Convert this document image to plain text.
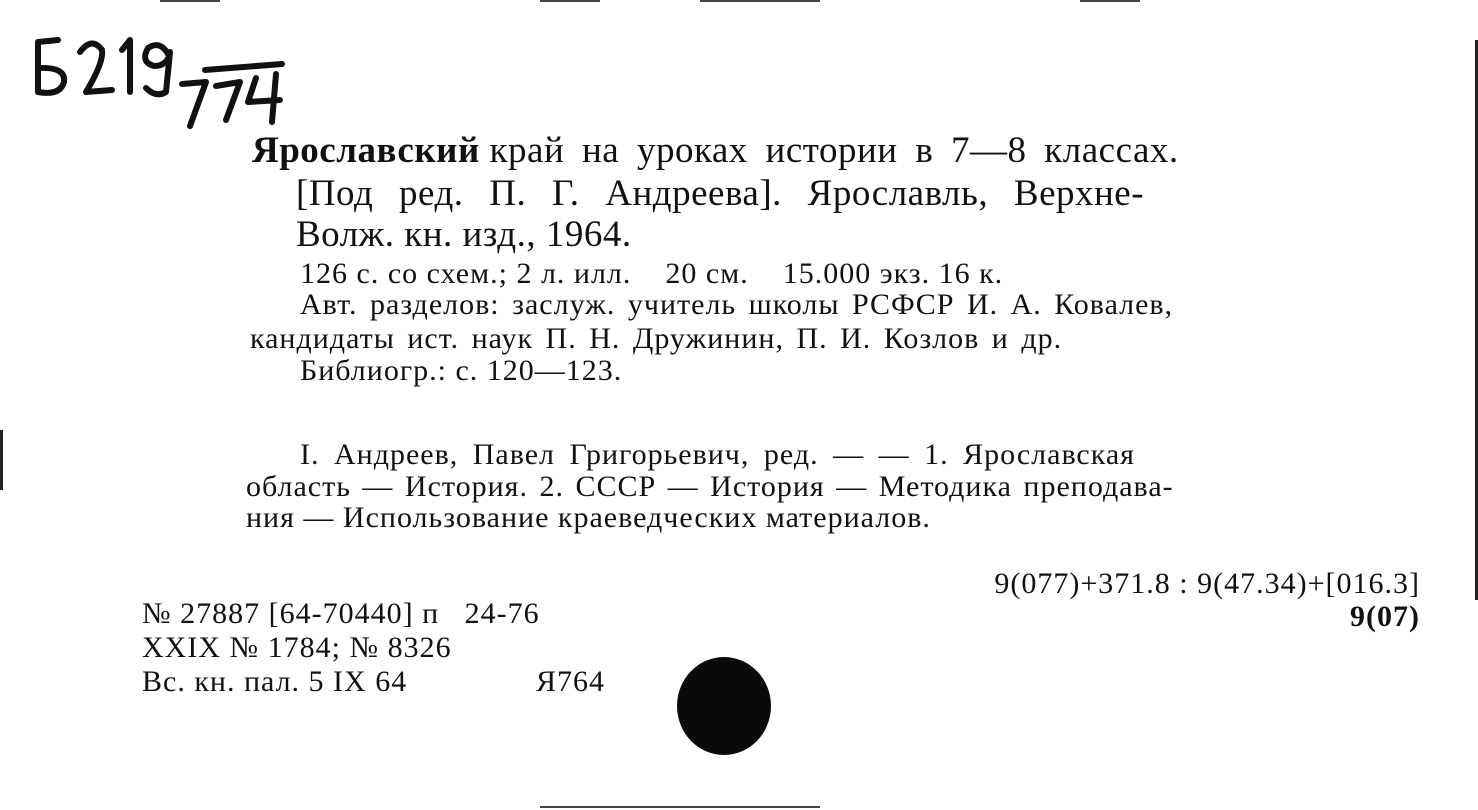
Ярославский край на уроках истории в 7—8 классах.
[Под ред. П. Г. Андреева]. Ярославль, Верхне-
Волж. кн. изд., 1964.
126 с. со схем.; 2 л. илл.    20 см.    15.000 экз. 16 к.
Авт. разделов: заслуж. учитель школы РСФСР И. А. Ковалев,
кандидаты ист. наук П. Н. Дружинин, П. И. Козлов и др.
Библиогр.: с. 120—123.
I. Андреев, Павел Григорьевич, ред. — — 1. Ярославская
область — История. 2. СССР — История — Методика преподава-
ния — Использование краеведческих материалов.
9(077)+371.8 : 9(47.34)+[016.3]
9(07)
№ 27887 [64-70440] п   24-76
XXIX № 1784; № 8326
Вс. кн. пал. 5 IX 64	Я764
